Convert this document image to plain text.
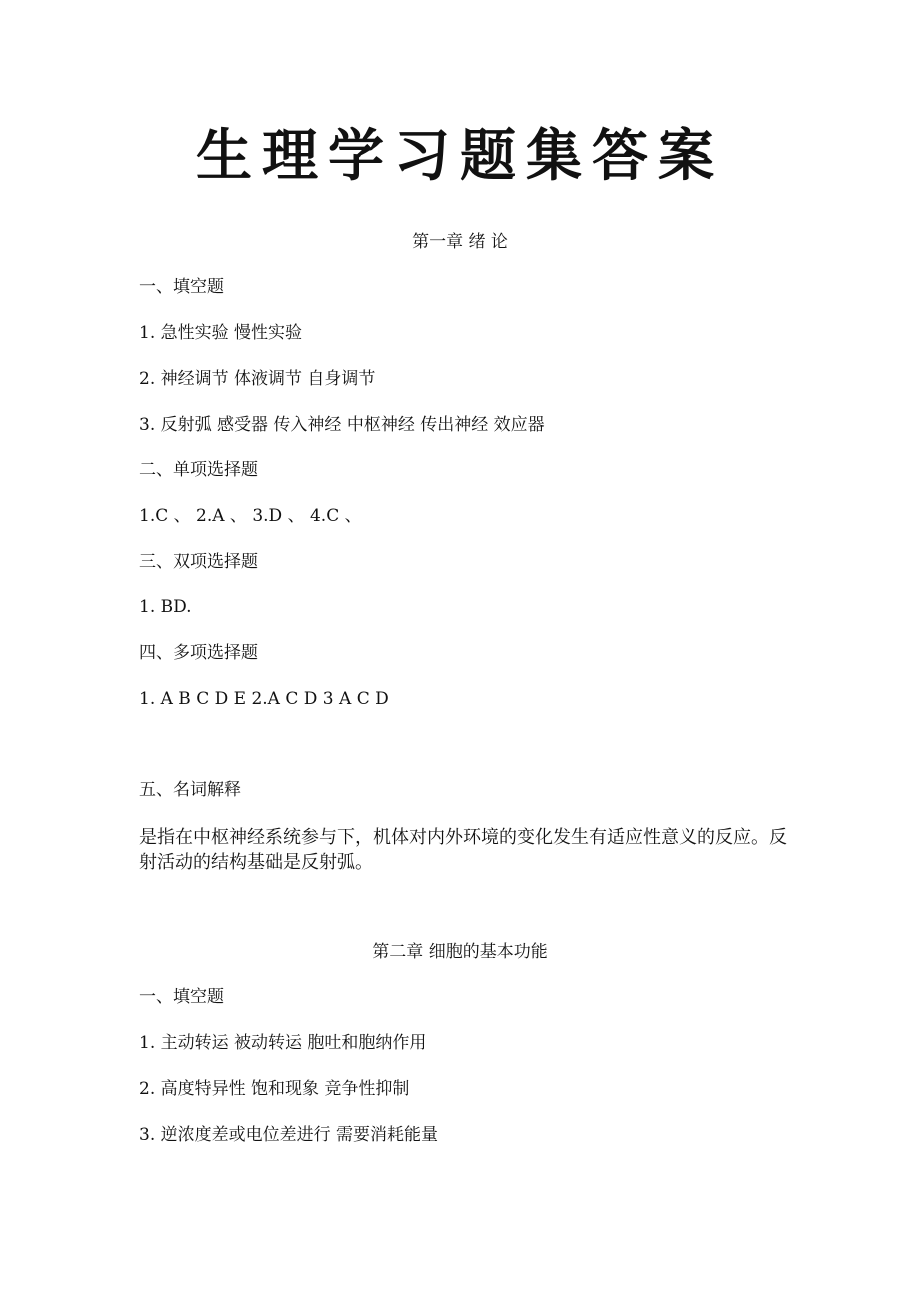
生理学习题集答案
第一章 绪 论
一、填空题
1. 急性实验 慢性实验
2. 神经调节 体液调节 自身调节
3. 反射弧 感受器 传入神经 中枢神经 传出神经 效应器
二、单项选择题
1.C 、 2.A 、 3.D 、 4.C 、
三、双项选择题
1. BD.
四、多项选择题
1. A B C D E 2.A C D 3 A C D
五、名词解释
是指在中枢神经系统参与下，机体对内外环境的变化发生有适应性意义的反应。反射活动的结构基础是反射弧。
第二章 细胞的基本功能
一、填空题
1. 主动转运 被动转运 胞吐和胞纳作用
2. 高度特异性 饱和现象 竞争性抑制
3. 逆浓度差或电位差进行 需要消耗能量
